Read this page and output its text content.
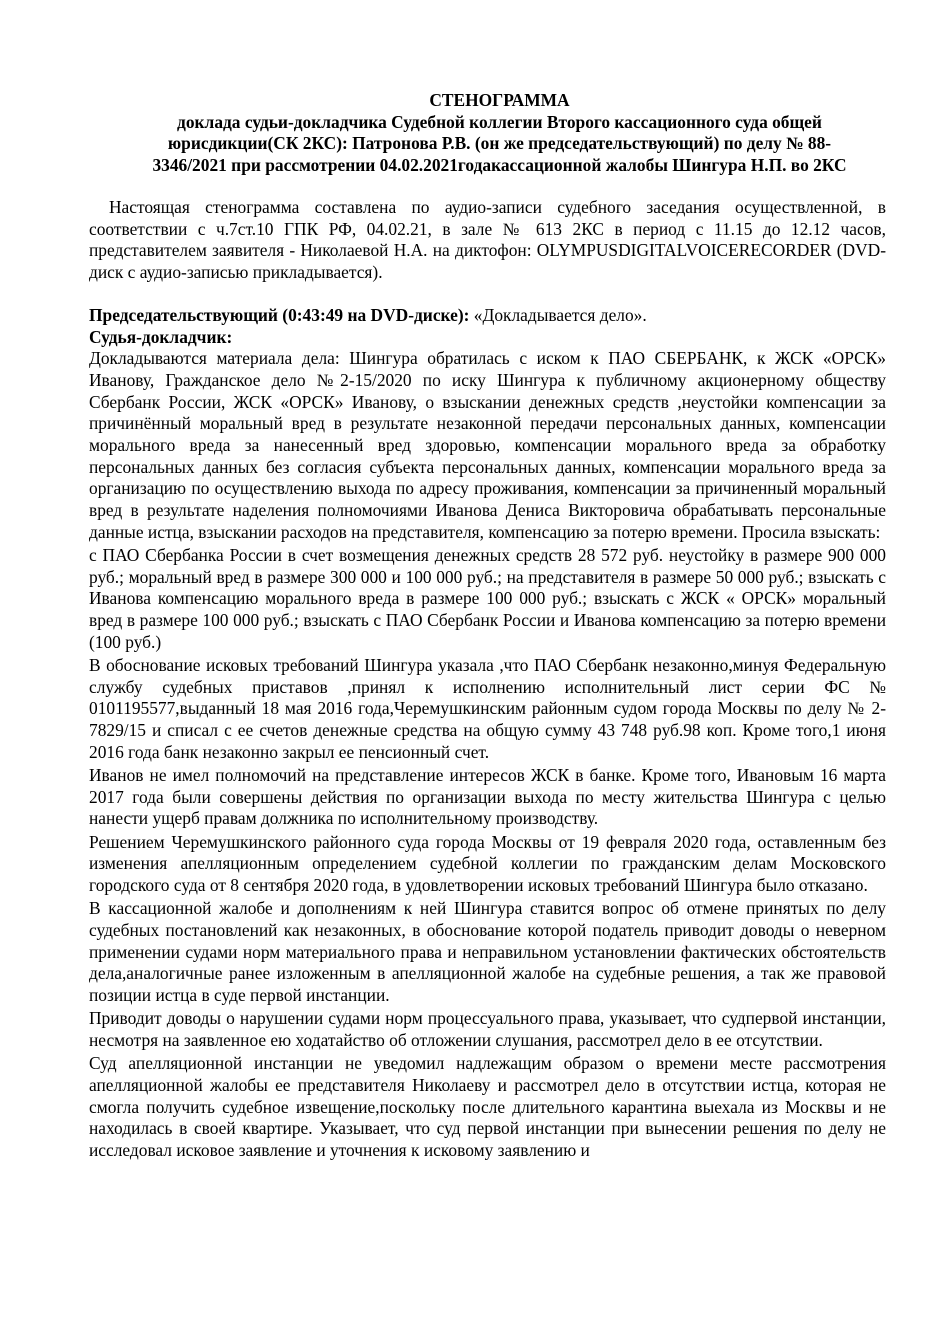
СТЕНОГРАММА
доклада судьи-докладчика Судебной коллегии Второго кассационного суда общей
юрисдикции(СК 2КС): Патронова Р.В. (он же председательствующий) по делу № 88-
3346/2021 при рассмотрении 04.02.2021годакассационной жалобы Шингура Н.П. во 2КС
Настоящая стенограмма составлена по аудио-записи судебного заседания осуществленной, в соответствии с ч.7ст.10 ГПК РФ, 04.02.21, в зале № 613 2КС в период с 11.15 до 12.12 часов, представителем заявителя - Николаевой Н.А. на диктофон: OLYMPUSDIGITALVOICERECORDER (DVD-диск с аудио-записью прикладывается).
Председательствующий (0:43:49 на DVD-диске): «Докладывается дело».
Судья-докладчик:
Докладываются материала дела: Шингура обратилась с иском к ПАО СБЕРБАНК, к ЖСК «ОРСК» Иванову, Гражданское дело №2-15/2020 по иску Шингура к публичному акционерному обществу Сбербанк России, ЖСК «ОРСК» Иванову, о взыскании денежных средств ,неустойки компенсации за причинённый моральный вред в результате незаконной передачи персональных данных, компенсации морального вреда за нанесенный вред здоровью, компенсации морального вреда за обработку персональных данных без согласия субъекта персональных данных, компенсации морального вреда за организацию по осуществлению выхода по адресу проживания, компенсации за причиненный моральный вред в результате наделения полномочиями Иванова Дениса Викторовича обрабатывать персональные данные истца, взыскании расходов на представителя, компенсацию за потерю времени. Просила взыскать:
с ПАО Сбербанка России в счет возмещения денежных средств 28 572 руб. неустойку в размере 900 000 руб.; моральный вред в размере 300 000 и 100 000 руб.; на представителя в размере 50 000 руб.; взыскать с Иванова компенсацию морального вреда в размере 100 000 руб.; взыскать с ЖСК « ОРСК» моральный вред в размере 100 000 руб.; взыскать с ПАО Сбербанк России и Иванова компенсацию за потерю времени (100 руб.)
В обоснование исковых требований Шингура указала ,что ПАО Сбербанк незаконно,минуя Федеральную службу судебных приставов ,принял к исполнению исполнительный лист серии ФС № 0101195577,выданный 18 мая 2016 года,Черемушкинским районным судом города Москвы по делу № 2-7829/15 и списал с ее счетов денежные средства на общую сумму 43 748 руб.98 коп. Кроме того,1 июня 2016 года банк незаконно закрыл ее пенсионный счет.
Иванов не имел полномочий на представление интересов ЖСК в банке. Кроме того, Ивановым 16 марта 2017 года были совершены действия по организации выхода по месту жительства Шингура с целью нанести ущерб правам должника по исполнительному производству.
Решением Черемушкинского районного суда города Москвы от 19 февраля 2020 года, оставленным без изменения апелляционным определением судебной коллегии по гражданским делам Московского городского суда от 8 сентября 2020 года, в удовлетворении исковых требований Шингура было отказано.
В кассационной жалобе и дополнениям к ней Шингура ставится вопрос об отмене принятых по делу судебных постановлений как незаконных, в обоснование которой податель приводит доводы о неверном применении судами норм материального права и неправильном установлении фактических обстоятельств дела,аналогичные ранее изложенным в апелляционной жалобе на судебные решения, а так же правовой позиции истца в суде первой инстанции.
Приводит доводы о нарушении судами норм процессуального права, указывает, что судпервой инстанции, несмотря на заявленное ею ходатайство об отложении слушания, рассмотрел дело в ее отсутствии.
Суд апелляционной инстанции не уведомил надлежащим образом о времени месте рассмотрения апелляционной жалобы ее представителя Николаеву и рассмотрел дело в отсутствии истца, которая не смогла получить судебное извещение,поскольку после длительного карантина выехала из Москвы и не находилась в своей квартире. Указывает, что суд первой инстанции при вынесении решения по делу не исследовал исковое заявление и уточнения к исковому заявлению и
